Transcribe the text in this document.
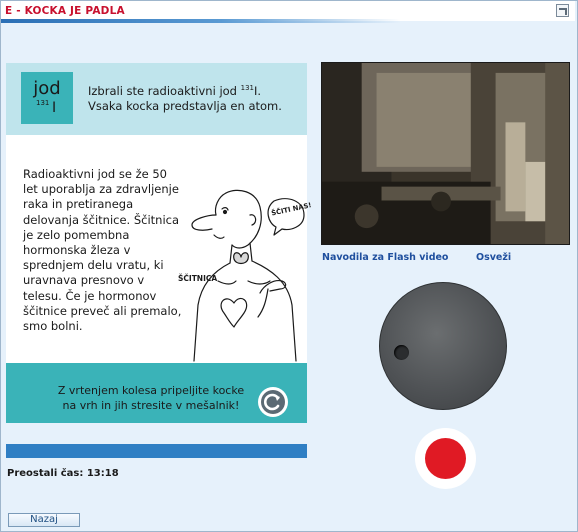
E - KOCKA JE PADLA
jod
131 I
Izbrali ste radioaktivni jod $^{131}$I.
Vsaka kocka predstavlja en atom.
Radioaktivni jod se že 50 let uporablja za zdravljenje raka in pretiranega delovanja ščitnice. Ščitnica je zelo pomembna hormonska žleza v sprednjem delu vratu, ki uravnava presnovo v telesu. Če je hormonov ščitnice preveč ali premalo, smo bolni.
ŠČITNICA
ŠČITI NAS!
Z vrtenjem kolesa pripeljite kocke na vrh in jih stresite v mešalnik!
Preostali čas: 13:18
Nazaj
Navodila za Flash video	Osveži
